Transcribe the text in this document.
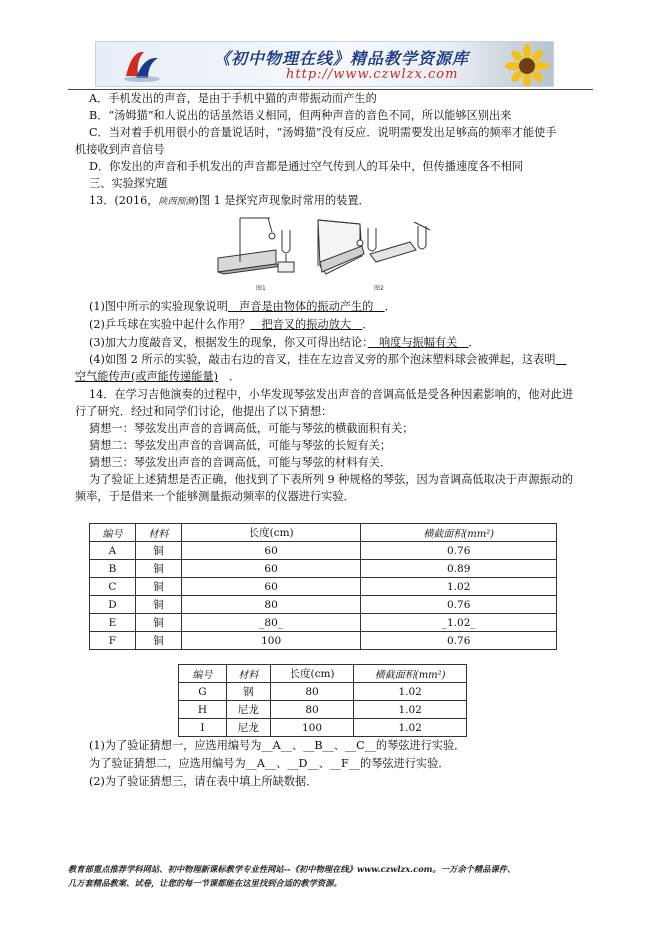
《初中物理在线》精品教学资源库
http://www.czwlzx.com
A．手机发出的声音，是由于手机中猫的声带振动而产生的
B．“汤姆猫”和人说出的话虽然语义相同，但两种声音的音色不同，所以能够区别出来
C．当对着手机用很小的音量说话时，“汤姆猫”没有反应．说明需要发出足够高的频率才能使手
机接收到声音信号
D．你发出的声音和手机发出的声音都是通过空气传到人的耳朵中，但传播速度各不相同
三、实验探究题
13．(2016，陕西预测)图 1 是探究声现象时常用的装置．
图1	图2
(1)图中所示的实验现象说明　声音是由物体的振动产生的　．
(2)乒乓球在实验中起什么作用？　把音叉的振动放大　．
(3)加大力度敲音叉，根据发生的现象，你又可得出结论：　响度与振幅有关　．
(4)如图 2 所示的实验，敲击右边的音叉，挂在左边音叉旁的那个泡沫塑料球会被弹起，这表明　
空气能传声(或声能传递能量)　．
14．在学习吉他演奏的过程中，小华发现琴弦发出声音的音调高低是受各种因素影响的，他对此进
行了研究．经过和同学们讨论，他提出了以下猜想：
猜想一：琴弦发出声音的音调高低，可能与琴弦的横截面积有关；
猜想二：琴弦发出声音的音调高低，可能与琴弦的长短有关；
猜想三：琴弦发出声音的音调高低，可能与琴弦的材料有关．
为了验证上述猜想是否正确，他找到了下表所列 9 种规格的琴弦，因为音调高低取决于声源振动的
频率，于是借来一个能够测量振动频率的仪器进行实验．
编号	材料	长度(cm)	横截面积(mm²)
A	铜	60	0.76
B	铜	60	0.89
C	铜	60	1.02
D	铜	80	0.76
E	铜	_80_	_1.02_
F	铜	100	0.76
编号	材料	长度(cm)	横截面积(mm²)
G	钢	80	1.02
H	尼龙	80	1.02
I	尼龙	100	1.02
(1)为了验证猜想一，应选用编号为__A__、__B__、__C__的琴弦进行实验．
为了验证猜想二，应选用编号为__A__、__D__、__F__的琴弦进行实验．
(2)为了验证猜想三，请在表中填上所缺数据．
教育部重点推荐学科网站、初中物理新课标教学专业性网站--《初中物理在线》www.czwlzx.com。一万余个精品课件、
几万套精品教案、试卷，让您的每一节课都能在这里找到合适的教学资源。
